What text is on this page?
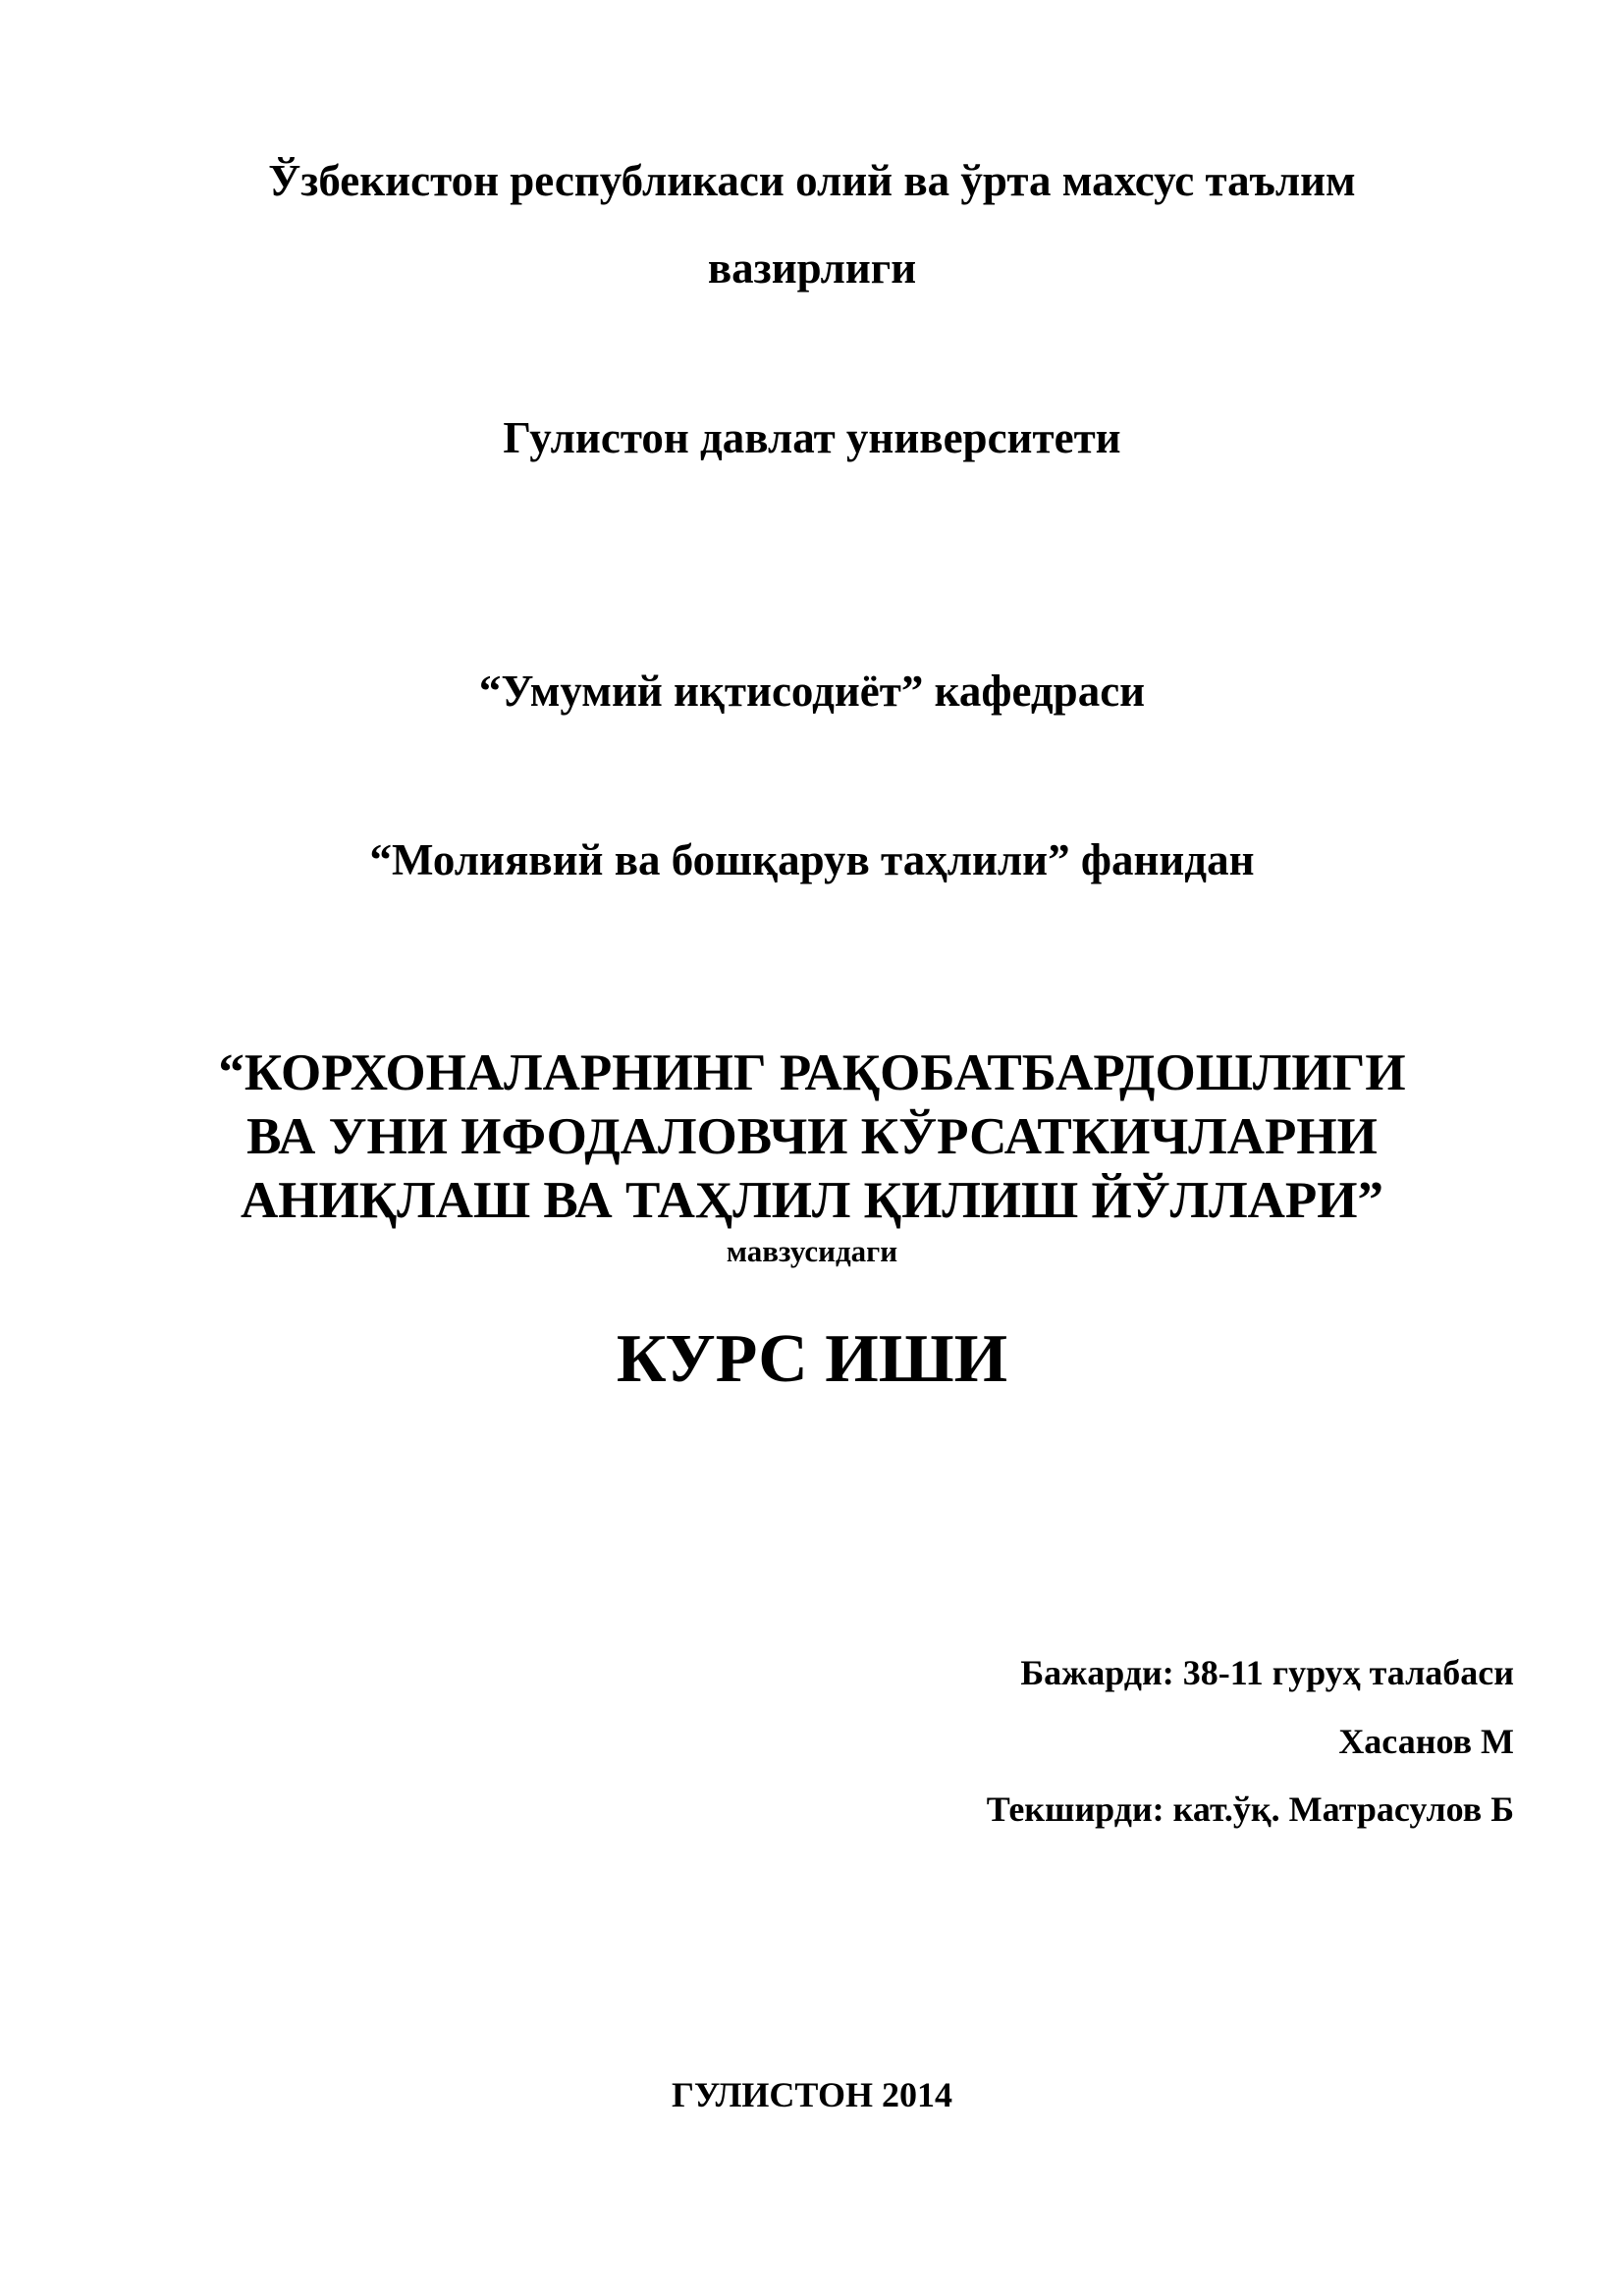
Ўзбекистон республикаси олий ва ўрта махсус таълим
вазирлиги
Гулистон давлат университети
“Умумий иқтисодиёт” кафедраси
“Молиявий ва бошқарув таҳлили” фанидан
“КОРХОНАЛАРНИНГ РАҚОБАТБАРДОШЛИГИ
ВА УНИ ИФОДАЛОВЧИ КЎРСАТКИЧЛАРНИ
АНИҚЛАШ ВА ТАҲЛИЛ ҚИЛИШ ЙЎЛЛАРИ”
мавзусидаги
КУРС ИШИ
Бажарди: 38-11 гуруҳ талабаси
Хасанов М
Текширди: кат.ўқ. Матрасулов Б
ГУЛИСТОН 2014
